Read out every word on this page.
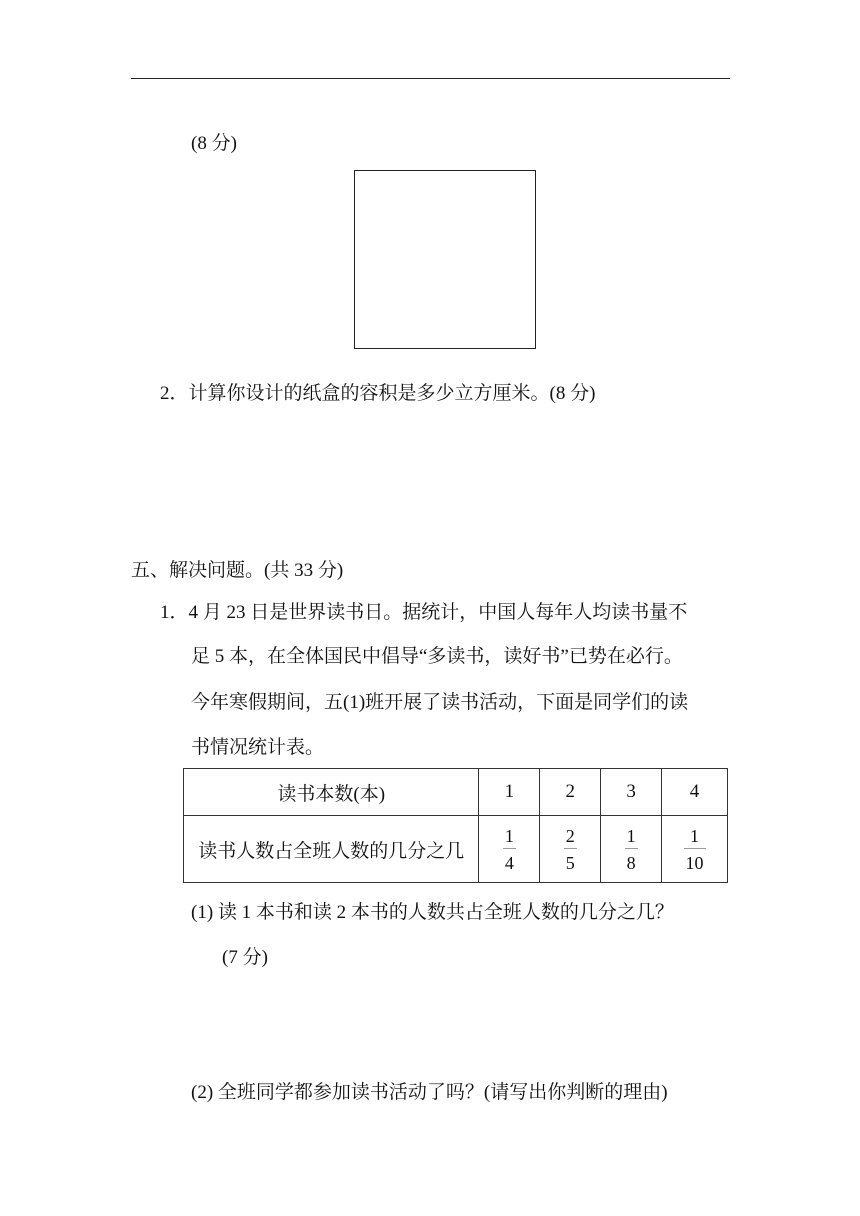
(8 分)
2．计算你设计的纸盒的容积是多少立方厘米。(8 分)
五、解决问题。(共 33 分)
1．4 月 23 日是世界读书日。据统计，中国人每年人均读书量不
足 5 本，在全体国民中倡导“多读书，读好书”已势在必行。
今年寒假期间，五(1)班开展了读书活动，下面是同学们的读
书情况统计表。
读书本数(本)	1	2	3	4
读书人数占全班人数的几分之几	$\frac{1}{4}$	$\frac{2}{5}$	$\frac{1}{8}$	$\frac{1}{10}$
(1) 读 1 本书和读 2 本书的人数共占全班人数的几分之几？
(7 分)
(2) 全班同学都参加读书活动了吗？(请写出你判断的理由)
